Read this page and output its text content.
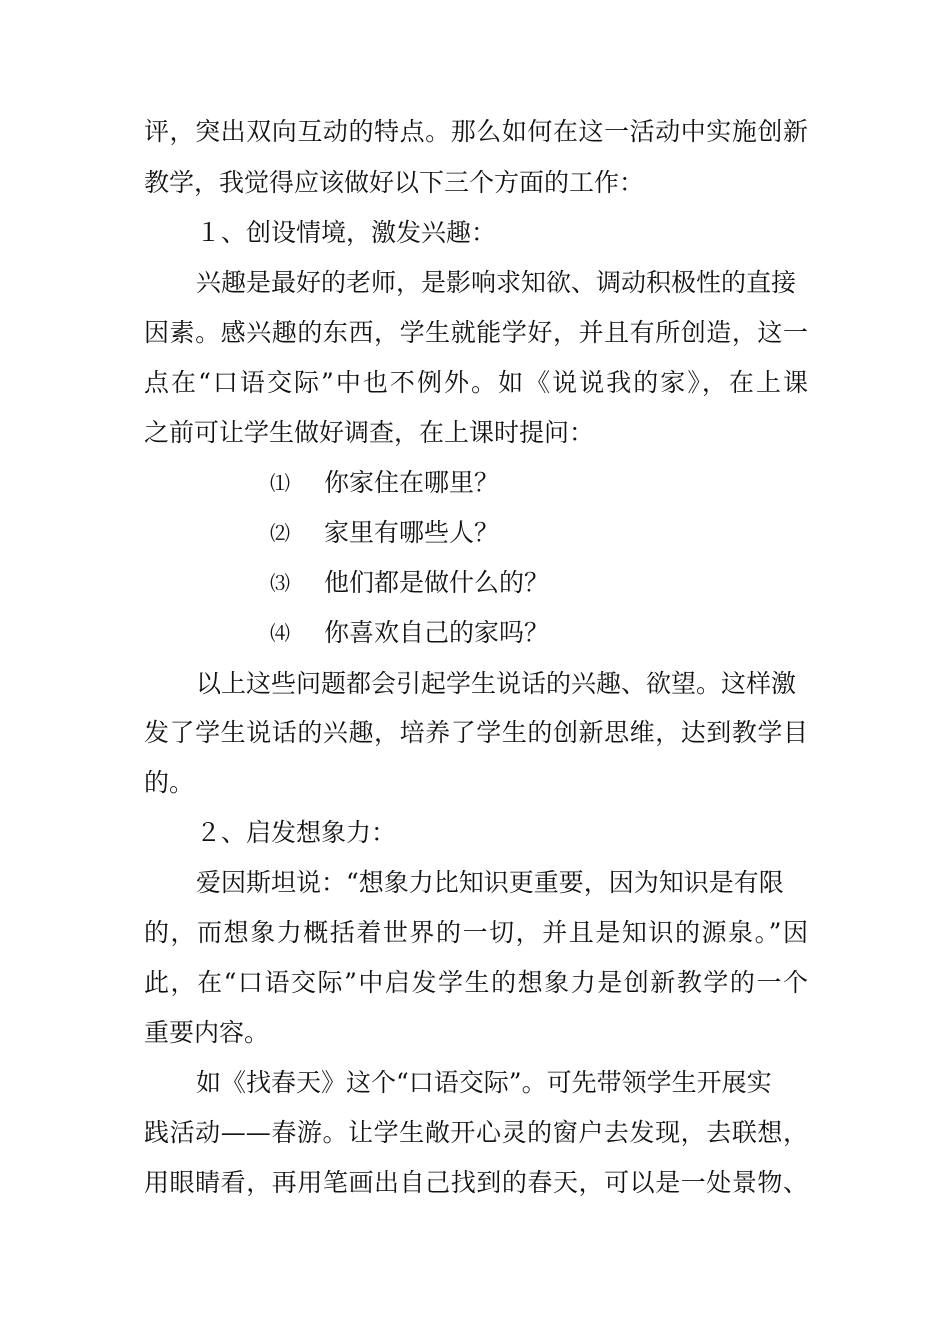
评，突出双向互动的特点。那么如何在这一活动中实施创新
教学，我觉得应该做好以下三个方面的工作：
１、创设情境，激发兴趣：
兴趣是最好的老师，是影响求知欲、调动积极性的直接
因素。感兴趣的东西，学生就能学好，并且有所创造，这一
点在“口语交际”中也不例外。如《说说我的家》，在上课
之前可让学生做好调查，在上课时提问：
⑴ 你家住在哪里？
⑵ 家里有哪些人？
⑶ 他们都是做什么的？
⑷ 你喜欢自己的家吗？
以上这些问题都会引起学生说话的兴趣、欲望。这样激
发了学生说话的兴趣，培养了学生的创新思维，达到教学目
的。
２、启发想象力：
爱因斯坦说：“想象力比知识更重要，因为知识是有限
的，而想象力概括着世界的一切，并且是知识的源泉。”因
此，在“口语交际”中启发学生的想象力是创新教学的一个
重要内容。
如《找春天》这个“口语交际”。可先带领学生开展实
践活动——春游。让学生敞开心灵的窗户去发现，去联想，
用眼睛看，再用笔画出自己找到的春天，可以是一处景物、
